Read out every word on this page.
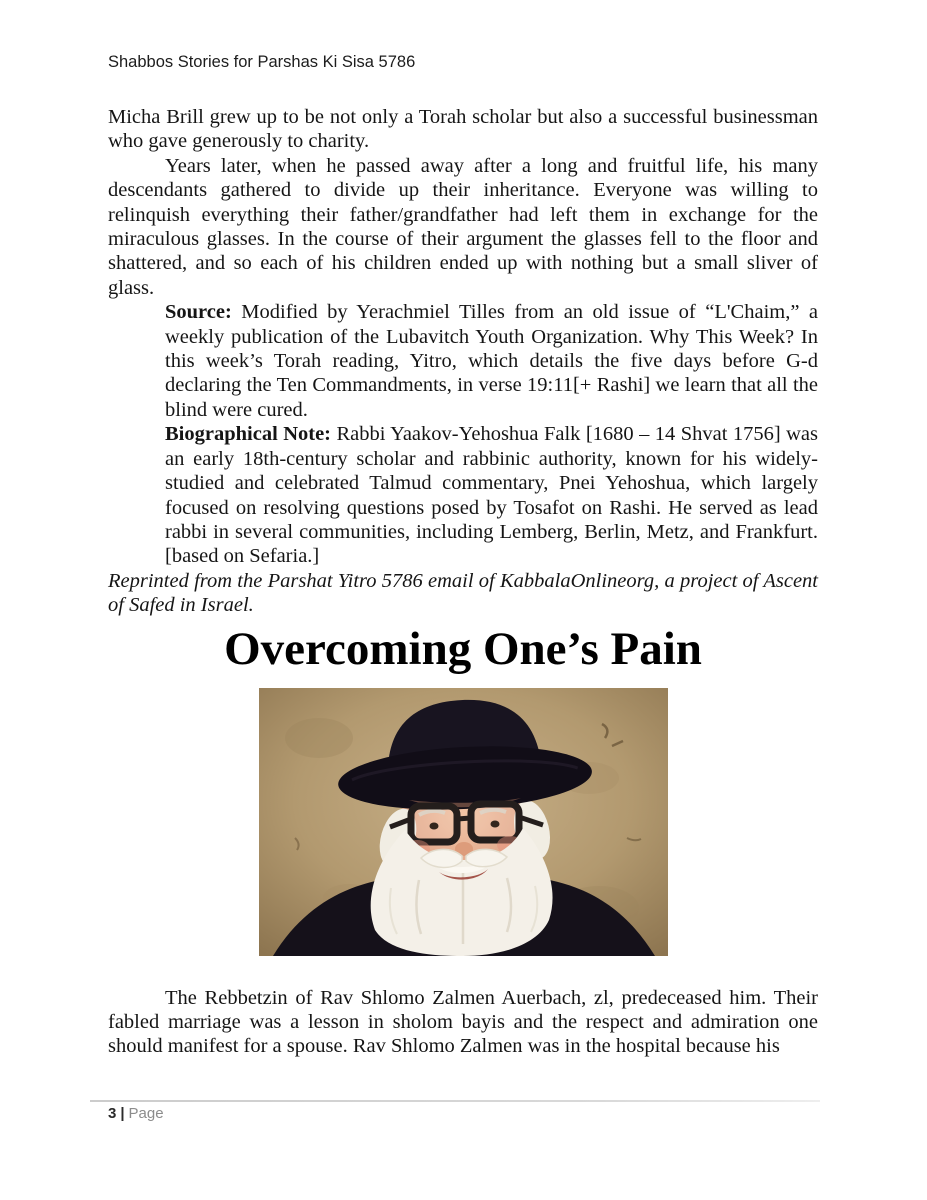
Shabbos Stories for Parshas Ki Sisa 5786

Micha Brill grew up to be not only a Torah scholar but also a successful businessman who gave generously to charity.

Years later, when he passed away after a long and fruitful life, his many descendants gathered to divide up their inheritance. Everyone was willing to relinquish everything their father/grandfather had left them in exchange for the miraculous glasses. In the course of their argument the glasses fell to the floor and shattered, and so each of his children ended up with nothing but a small sliver of glass.

Source: Modified by Yerachmiel Tilles from an old issue of “L'Chaim,” a weekly publication of the Lubavitch Youth Organization. Why This Week? In this week’s Torah reading, Yitro, which details the five days before G-d declaring the Ten Commandments, in verse 19:11[+ Rashi] we learn that all the blind were cured.

Biographical Note: Rabbi Yaakov-Yehoshua Falk [1680 – 14 Shvat 1756] was an early 18th-century scholar and rabbinic authority, known for his widely-studied and celebrated Talmud commentary, Pnei Yehoshua, which largely focused on resolving questions posed by Tosafot on Rashi. He served as lead rabbi in several communities, including Lemberg, Berlin, Metz, and Frankfurt. [based on Sefaria.]

Reprinted from the Parshat Yitro 5786 email of KabbalaOnlineorg, a project of Ascent of Safed in Israel.

Overcoming One’s Pain

The Rebbetzin of Rav Shlomo Zalmen Auerbach, zl, predeceased him. Their fabled marriage was a lesson in sholom bayis and the respect and admiration one should manifest for a spouse. Rav Shlomo Zalmen was in the hospital because his

3 | Page
